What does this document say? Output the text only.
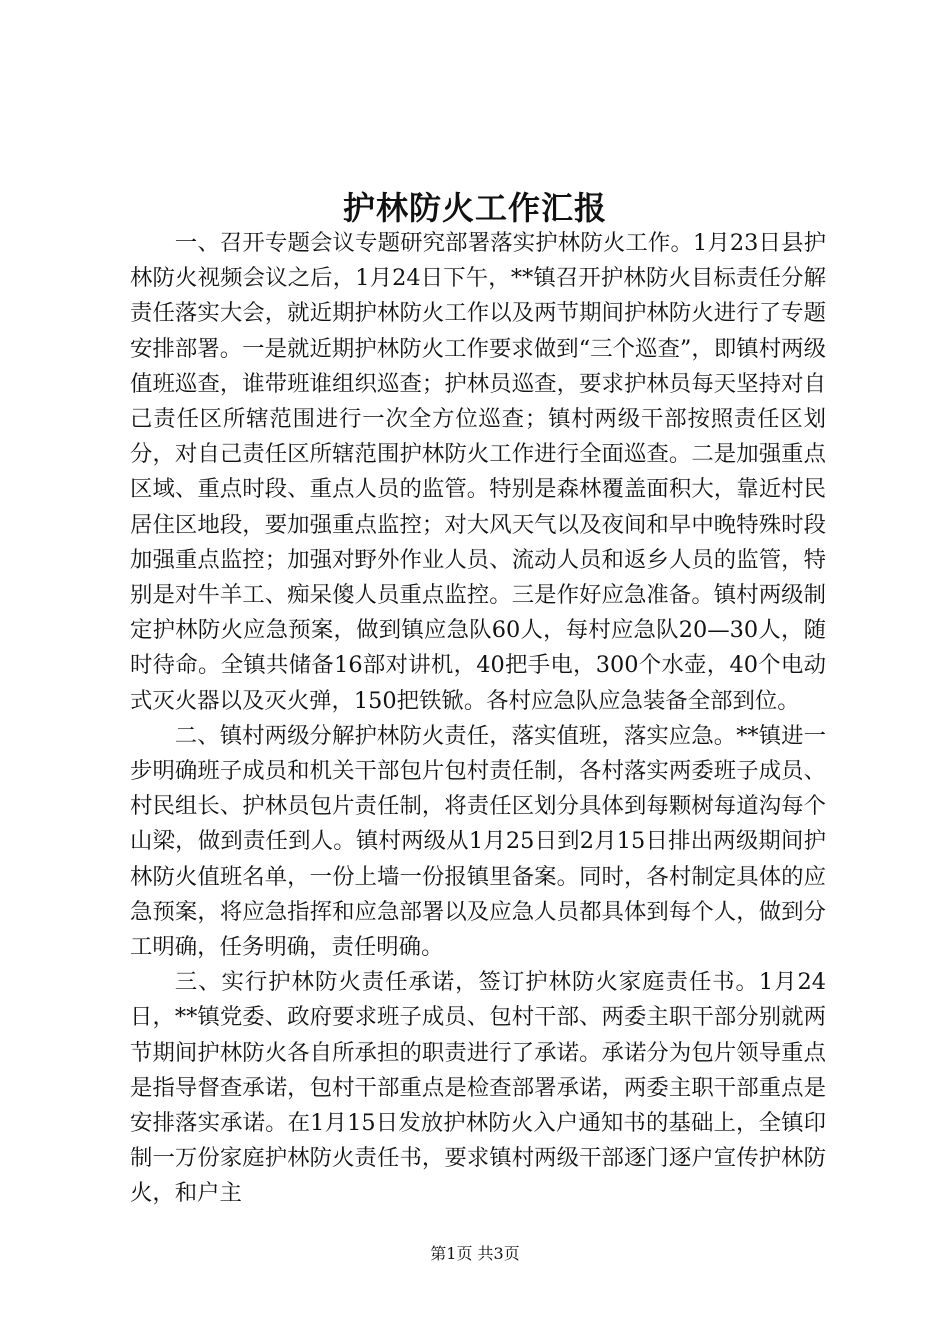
护林防火工作汇报

一、召开专题会议专题研究部署落实护林防火工作。1月23日县护林防火视频会议之后，1月24日下午，**镇召开护林防火目标责任分解责任落实大会，就近期护林防火工作以及两节期间护林防火进行了专题安排部署。一是就近期护林防火工作要求做到“三个巡查”，即镇村两级值班巡查，谁带班谁组织巡查；护林员巡查，要求护林员每天坚持对自己责任区所辖范围进行一次全方位巡查；镇村两级干部按照责任区划分，对自己责任区所辖范围护林防火工作进行全面巡查。二是加强重点区域、重点时段、重点人员的监管。特别是森林覆盖面积大，靠近村民居住区地段，要加强重点监控；对大风天气以及夜间和早中晚特殊时段加强重点监控；加强对野外作业人员、流动人员和返乡人员的监管，特别是对牛羊工、痴呆傻人员重点监控。三是作好应急准备。镇村两级制定护林防火应急预案，做到镇应急队60人，每村应急队20—30人，随时待命。全镇共储备16部对讲机，40把手电，300个水壶，40个电动式灭火器以及灭火弹，150把铁锨。各村应急队应急装备全部到位。

二、镇村两级分解护林防火责任，落实值班，落实应急。**镇进一步明确班子成员和机关干部包片包村责任制，各村落实两委班子成员、村民组长、护林员包片责任制，将责任区划分具体到每颗树每道沟每个山梁，做到责任到人。镇村两级从1月25日到2月15日排出两级期间护林防火值班名单，一份上墙一份报镇里备案。同时，各村制定具体的应急预案，将应急指挥和应急部署以及应急人员都具体到每个人，做到分工明确，任务明确，责任明确。

三、实行护林防火责任承诺，签订护林防火家庭责任书。1月24日，**镇党委、政府要求班子成员、包村干部、两委主职干部分别就两节期间护林防火各自所承担的职责进行了承诺。承诺分为包片领导重点是指导督查承诺，包村干部重点是检查部署承诺，两委主职干部重点是安排落实承诺。在1月15日发放护林防火入户通知书的基础上，全镇印制一万份家庭护林防火责任书，要求镇村两级干部逐门逐户宣传护林防火，和户主

第1页 共3页
